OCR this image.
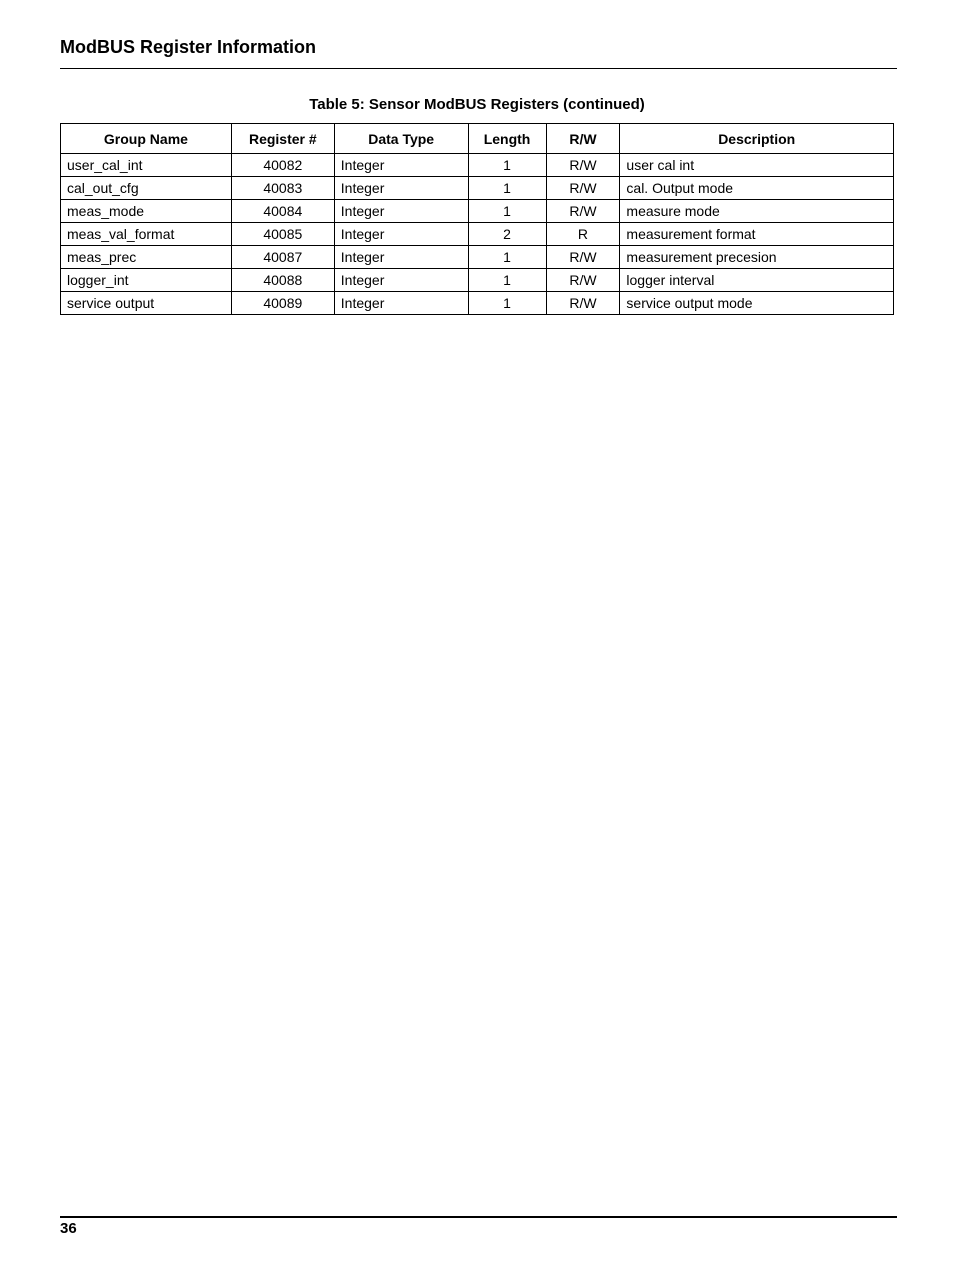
ModBUS Register Information
Table 5: Sensor ModBUS Registers (continued)
Group Name	Register #	Data Type	Length	R/W	Description
user_cal_int	40082	Integer	1	R/W	user cal int
cal_out_cfg	40083	Integer	1	R/W	cal. Output mode
meas_mode	40084	Integer	1	R/W	measure mode
meas_val_format	40085	Integer	2	R	measurement format
meas_prec	40087	Integer	1	R/W	measurement precesion
logger_int	40088	Integer	1	R/W	logger interval
service output	40089	Integer	1	R/W	service output mode
36
